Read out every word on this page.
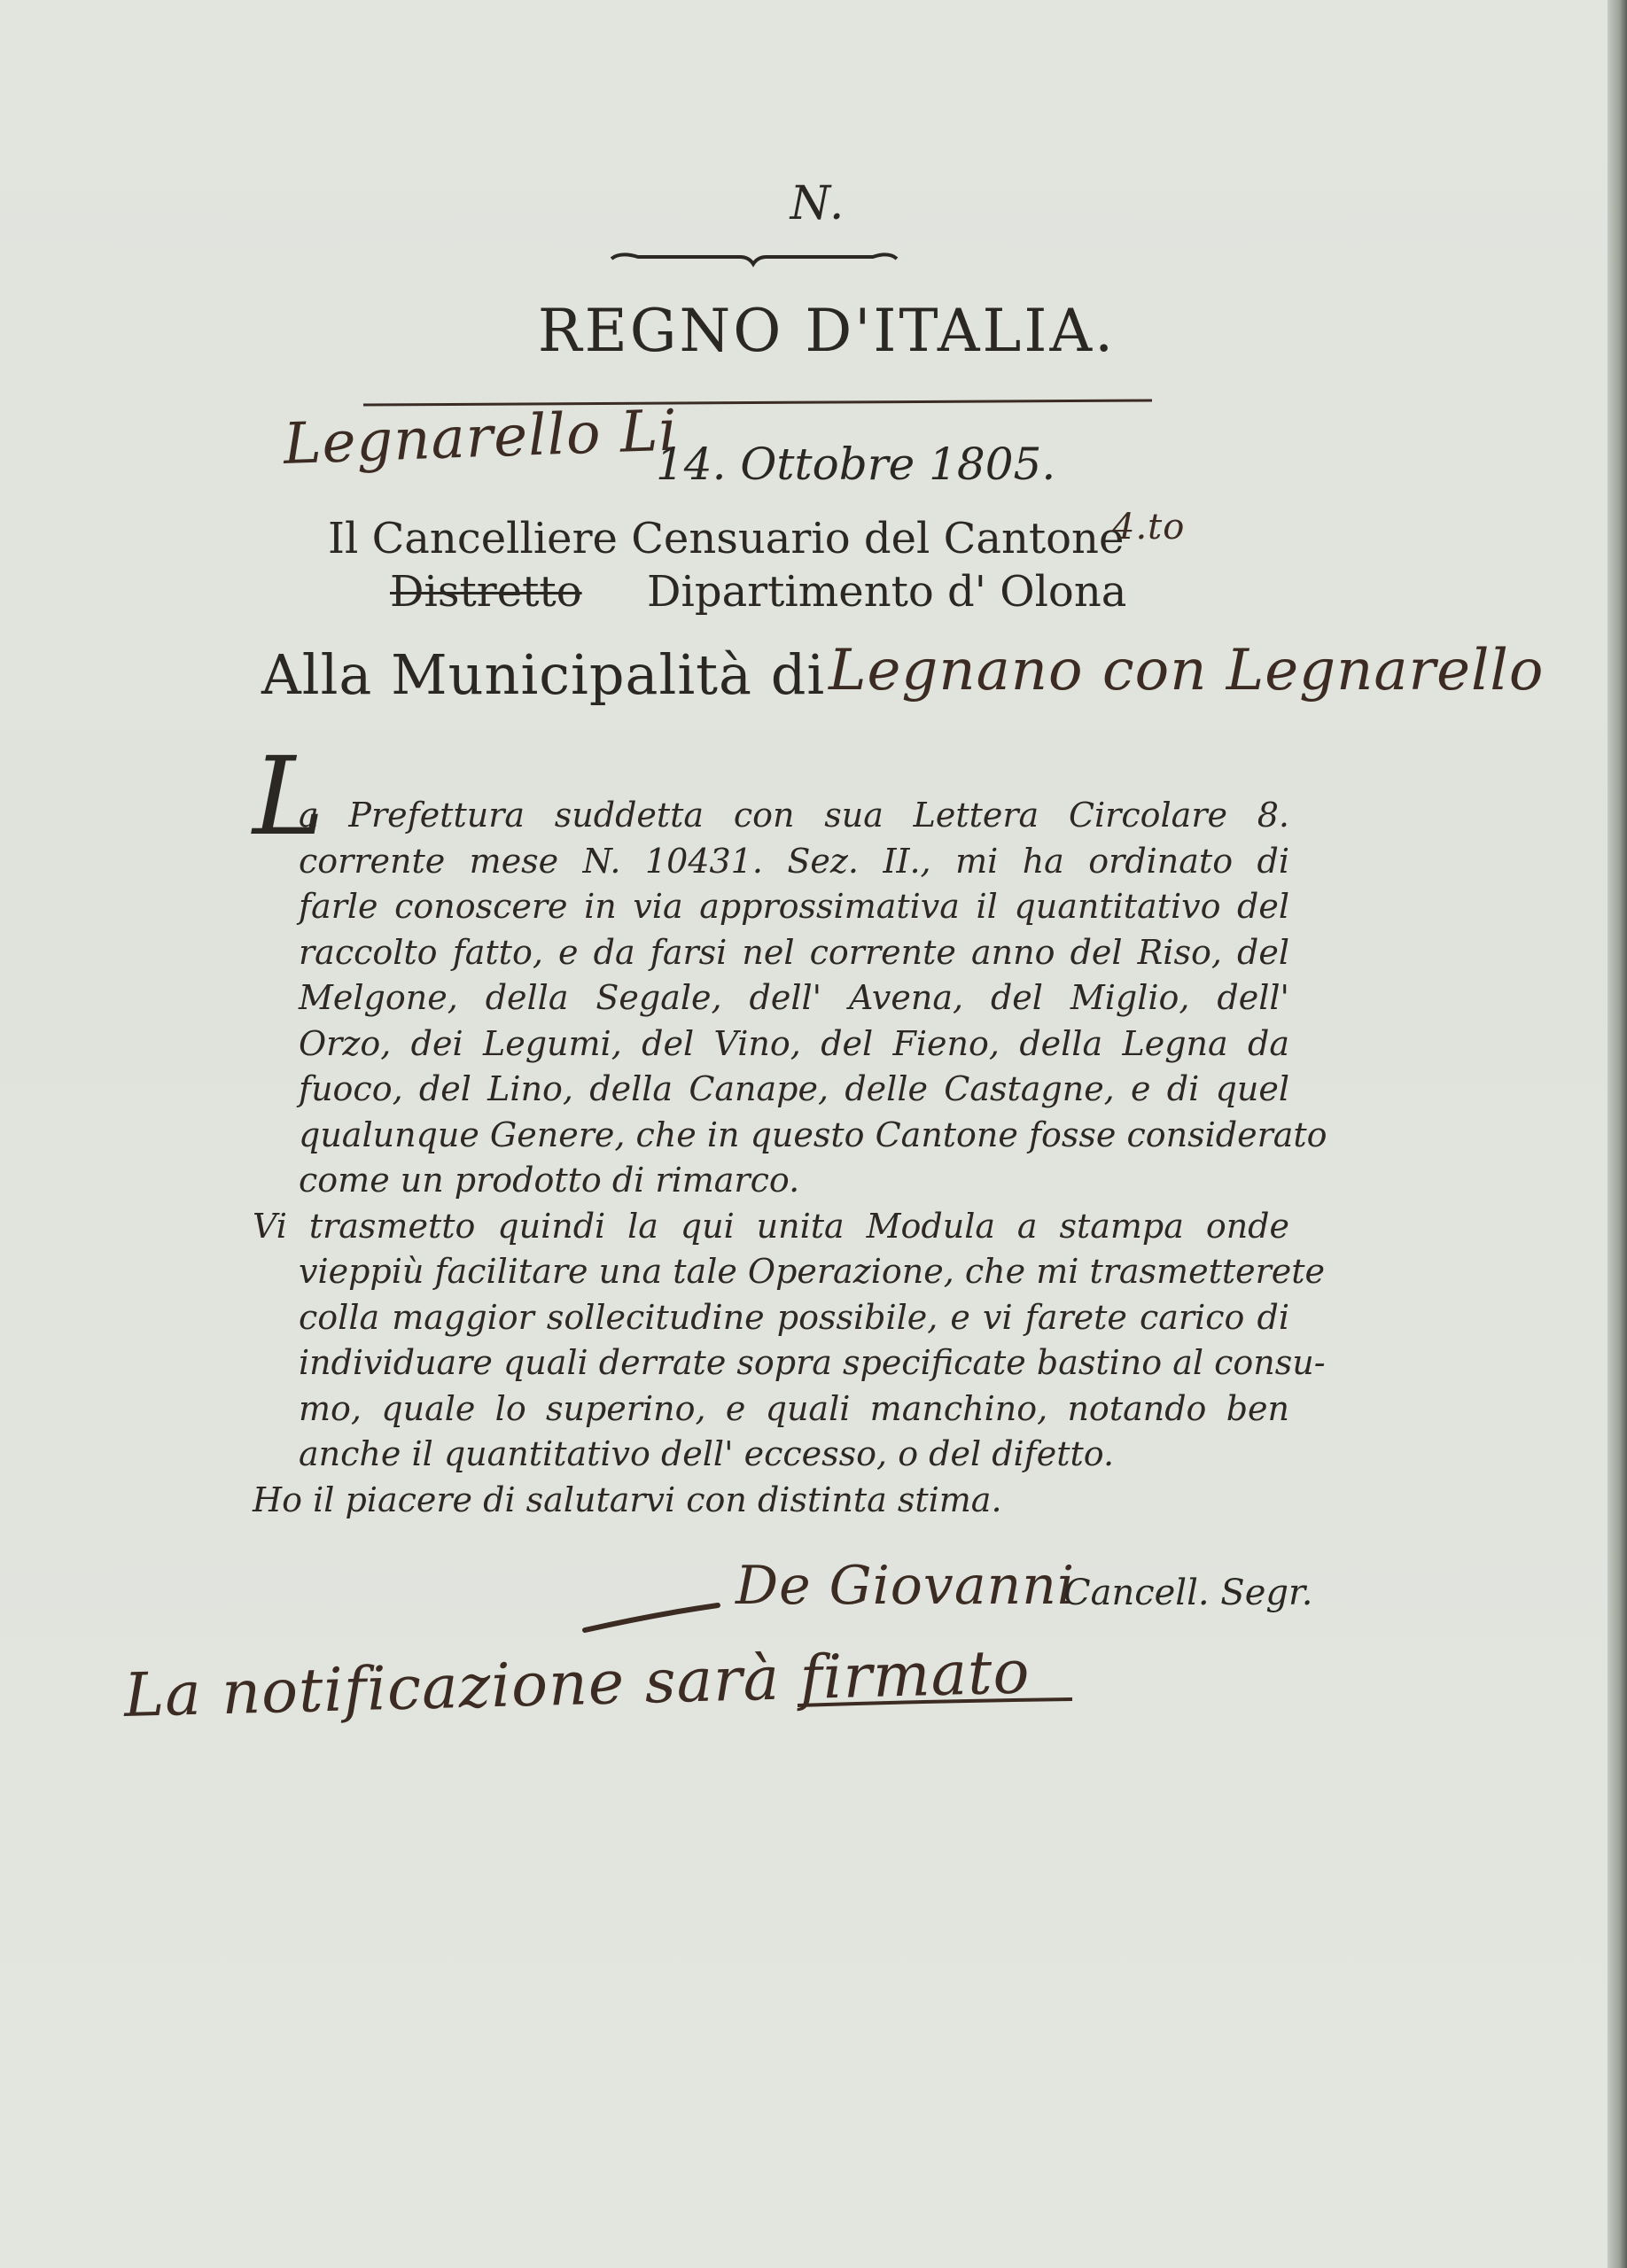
N.
REGNO D'ITALIA.
Legnarello Li
14. Ottobre 1805.
Il Cancelliere Censuario del Cantone
4.to
Distretto Dipartimento d' Olona
Alla Municipalità di Legnano con Legnarello
L
a Prefettura suddetta con sua Lettera Circolare 8.
corrente mese N. 10431. Sez. II., mi ha ordinato di
farle conoscere in via approssimativa il quantitativo del
raccolto fatto, e da farsi nel corrente anno del Riso, del
Melgone, della Segale, dell' Avena, del Miglio, dell'
Orzo, dei Legumi, del Vino, del Fieno, della Legna da
fuoco, del Lino, della Canape, delle Castagne, e di quel
qualunque Genere, che in questo Cantone fosse considerato
come un prodotto di rimarco.
Vi trasmetto quindi la qui unita Modula a stampa onde
vieppiù facilitare una tale Operazione, che mi trasmetterete
colla maggior sollecitudine possibile, e vi farete carico di
individuare quali derrate sopra specificate bastino al consu-
mo, quale lo superino, e quali manchino, notando ben
anche il quantitativo dell' eccesso, o del difetto.
Ho il piacere di salutarvi con distinta stima.
De Giovanni
Cancell. Segr.
La notificazione sarà firmato
